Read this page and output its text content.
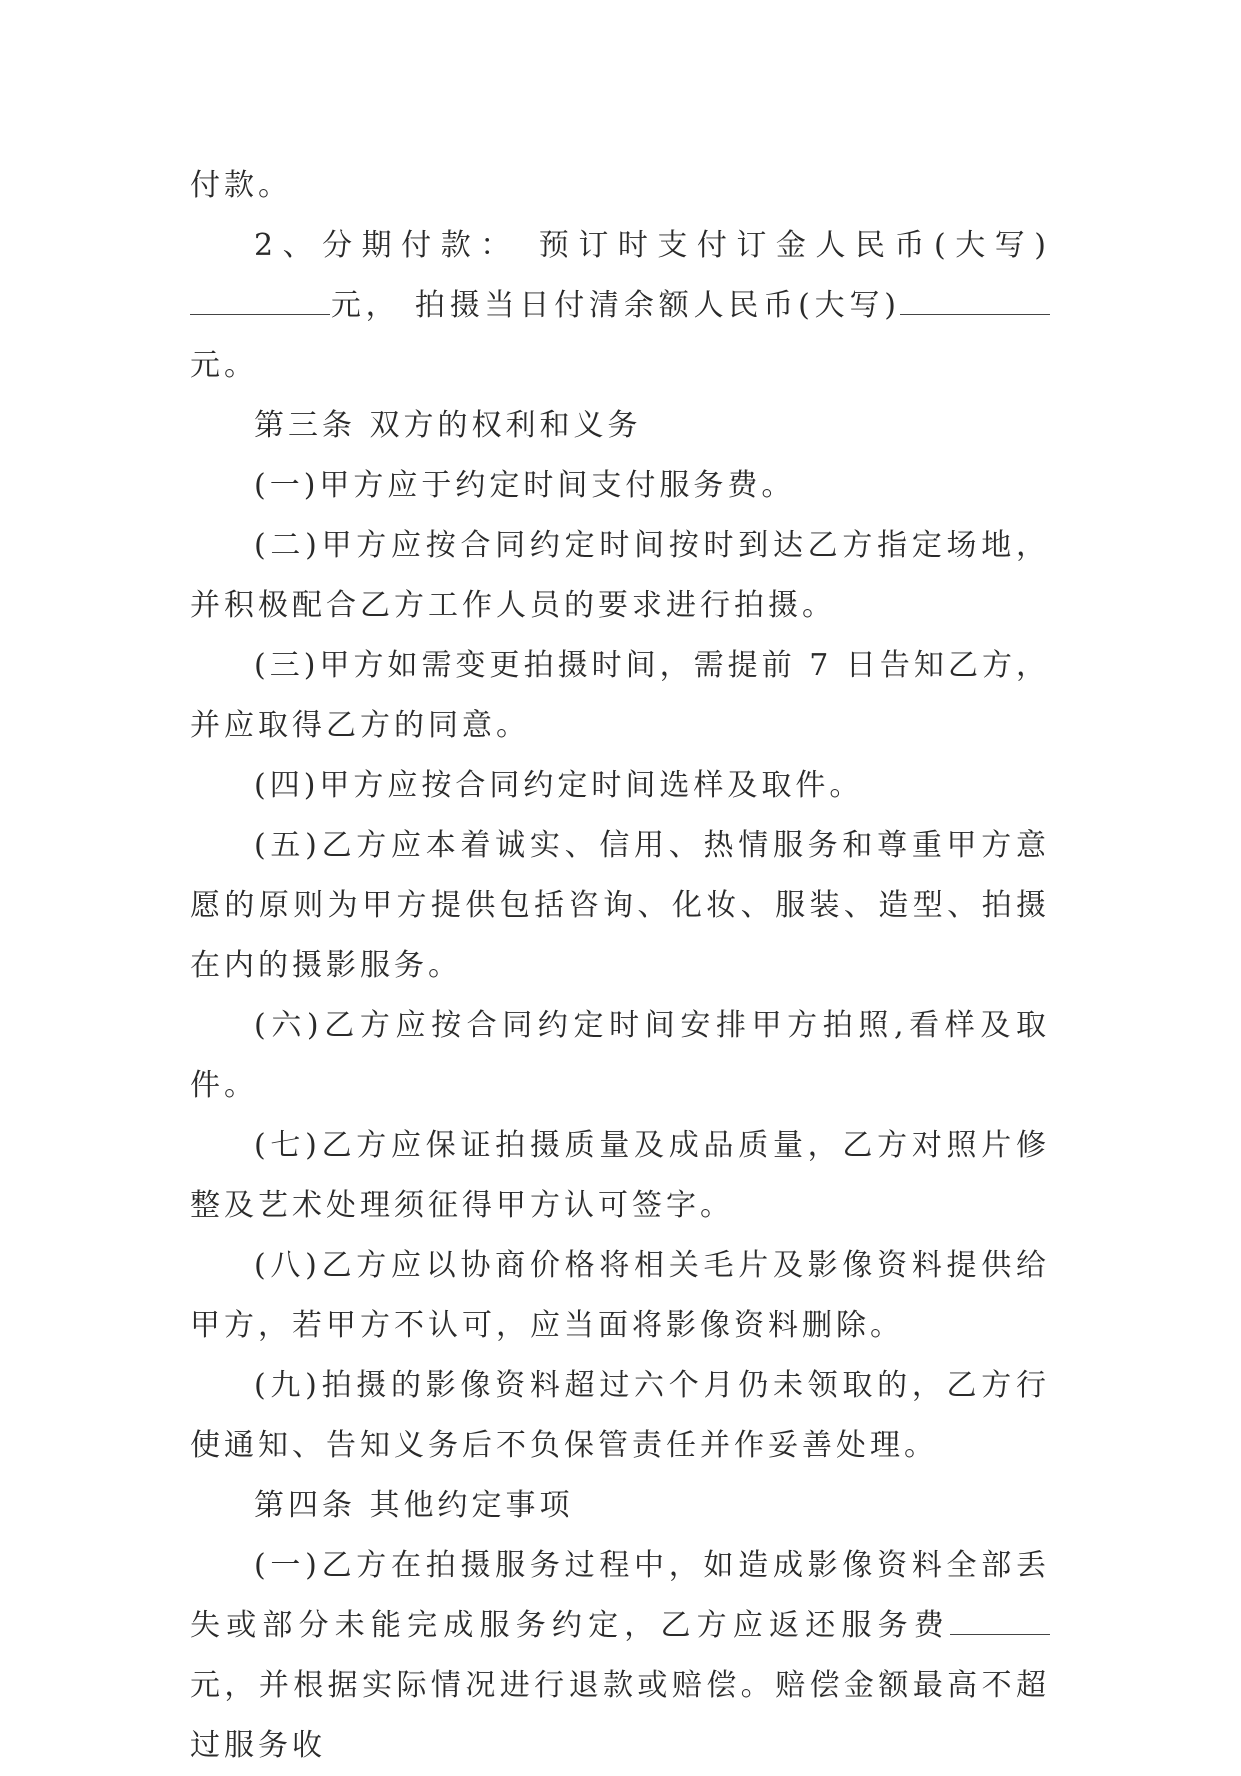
付款。

2、分期付款： 预订时支付订金人民币(大写)元， 拍摄当日付清余额人民币(大写)元。

第三条 双方的权利和义务

(一)甲方应于约定时间支付服务费。

(二)甲方应按合同约定时间按时到达乙方指定场地，并积极配合乙方工作人员的要求进行拍摄。

(三)甲方如需变更拍摄时间，需提前 7 日告知乙方，并应取得乙方的同意。

(四)甲方应按合同约定时间选样及取件。

(五)乙方应本着诚实、信用、热情服务和尊重甲方意愿的原则为甲方提供包括咨询、化妆、服装、造型、拍摄在内的摄影服务。

(六)乙方应按合同约定时间安排甲方拍照,看样及取件。

(七)乙方应保证拍摄质量及成品质量，乙方对照片修整及艺术处理须征得甲方认可签字。

(八)乙方应以协商价格将相关毛片及影像资料提供给甲方，若甲方不认可，应当面将影像资料删除。

(九)拍摄的影像资料超过六个月仍未领取的，乙方行使通知、告知义务后不负保管责任并作妥善处理。

第四条 其他约定事项

(一)乙方在拍摄服务过程中，如造成影像资料全部丢失或部分未能完成服务约定，乙方应返还服务费元，并根据实际情况进行退款或赔偿。赔偿金额最高不超过服务收
